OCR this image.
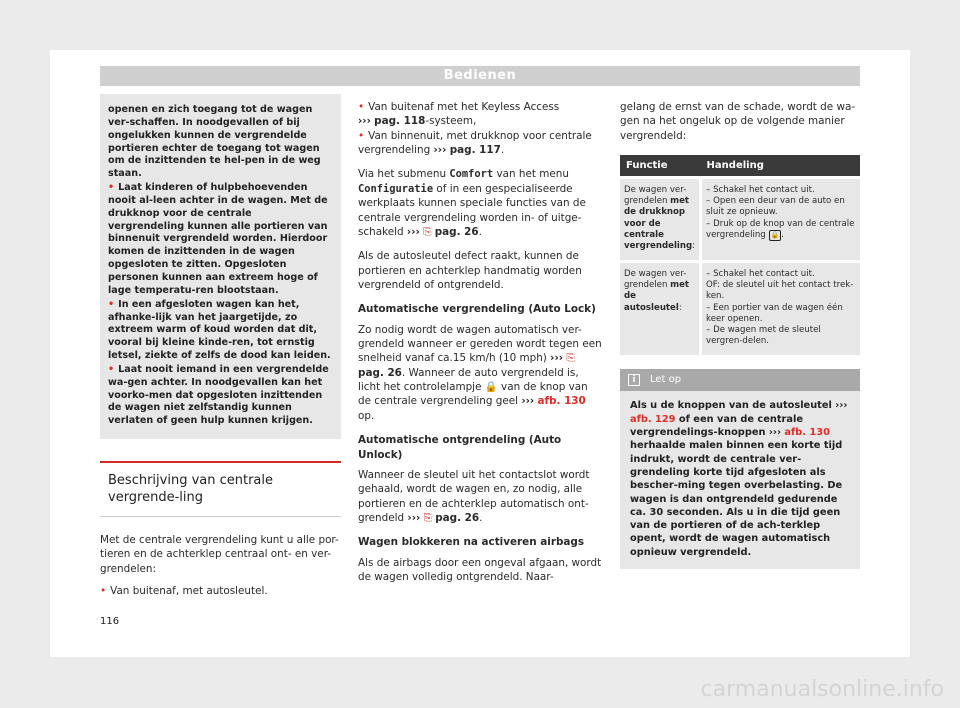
Bedienen

openen en zich toegang tot de wagen ver-schaffen. In noodgevallen of bij ongelukken kunnen de vergrendelde portieren echter de toegang tot wagen om de inzittenden te hel-pen in de weg staan.

• Laat kinderen of hulpbehoevenden nooit al-leen achter in de wagen. Met de drukknop voor de centrale vergrendeling kunnen alle portieren van binnenuit vergrendeld worden. Hierdoor komen de inzittenden in de wagen opgesloten te zitten. Opgesloten personen kunnen aan extreem hoge of lage temperatu-ren blootstaan.

• In een afgesloten wagen kan het, afhanke-lijk van het jaargetijde, zo extreem warm of koud worden dat dit, vooral bij kleine kinde-ren, tot ernstig letsel, ziekte of zelfs de dood kan leiden.

• Laat nooit iemand in een vergrendelde wa-gen achter. In noodgevallen kan het voorko-men dat opgesloten inzittenden de wagen niet zelfstandig kunnen verlaten of geen hulp kunnen krijgen.

Beschrijving van centrale vergrende-ling

Met de centrale vergrendeling kunt u alle por-tieren en de achterklep centraal ont- en ver-grendelen:

• Van buitenaf, met autosleutel.

• Van buitenaf met het Keyless Access
››› pag. 118-systeem,

• Van binnenuit, met drukknop voor centrale vergrendeling ››› pag. 117.

Via het submenu Comfort van het menu
Configuratie of in een gespecialiseerde werkplaats kunnen speciale functies van de centrale vergrendeling worden in- of uitge-schakeld ››› ⎘ pag. 26.

Als de autosleutel defect raakt, kunnen de portieren en achterklep handmatig worden vergrendeld of ontgrendeld.

Automatische vergrendeling (Auto Lock)

Zo nodig wordt de wagen automatisch ver-grendeld wanneer er gereden wordt tegen een snelheid vanaf ca.15 km/h (10 mph) ››› ⎘ pag. 26. Wanneer de auto vergrendeld is, licht het controlelampje 🔒 van de knop van de centrale vergrendeling geel ››› afb. 130
op.

Automatische ontgrendeling (Auto Unlock)

Wanneer de sleutel uit het contactslot wordt gehaald, wordt de wagen en, zo nodig, alle portieren en de achterklep automatisch ont-grendeld ››› ⎘ pag. 26.

Wagen blokkeren na activeren airbags

Als de airbags door een ongeval afgaan, wordt de wagen volledig ontgrendeld. Naar-

gelang de ernst van de schade, wordt de wa-gen na het ongeluk op de volgende manier vergrendeld:

Functie	Handeling
De wagen ver-grendelen met de drukknop voor de centrale vergrendeling:	– Schakel het contact uit.
– Open een deur van de auto en sluit ze opnieuw.
– Druk op de knop van de centrale vergrendeling 🔒 .

De wagen ver-grendelen met de autosleutel:	– Schakel het contact uit.
OF: de sleutel uit het contact trek-ken.
– Een portier van de wagen één keer openen.
– De wagen met de sleutel vergren-delen.
i	Let op
Als u de knoppen van de autosleutel ››› afb. 129 of een van de centrale vergrendelings-knoppen ››› afb. 130 herhaalde malen binnen een korte tijd indrukt, wordt de centrale ver-grendeling korte tijd afgesloten als bescher-ming tegen overbelasting. De wagen is dan ontgrendeld gedurende ca. 30 seconden. Als u in die tijd geen van de portieren of de ach-terklep opent, wordt de wagen automatisch opnieuw vergrendeld.
116
carmanualsonline.info
